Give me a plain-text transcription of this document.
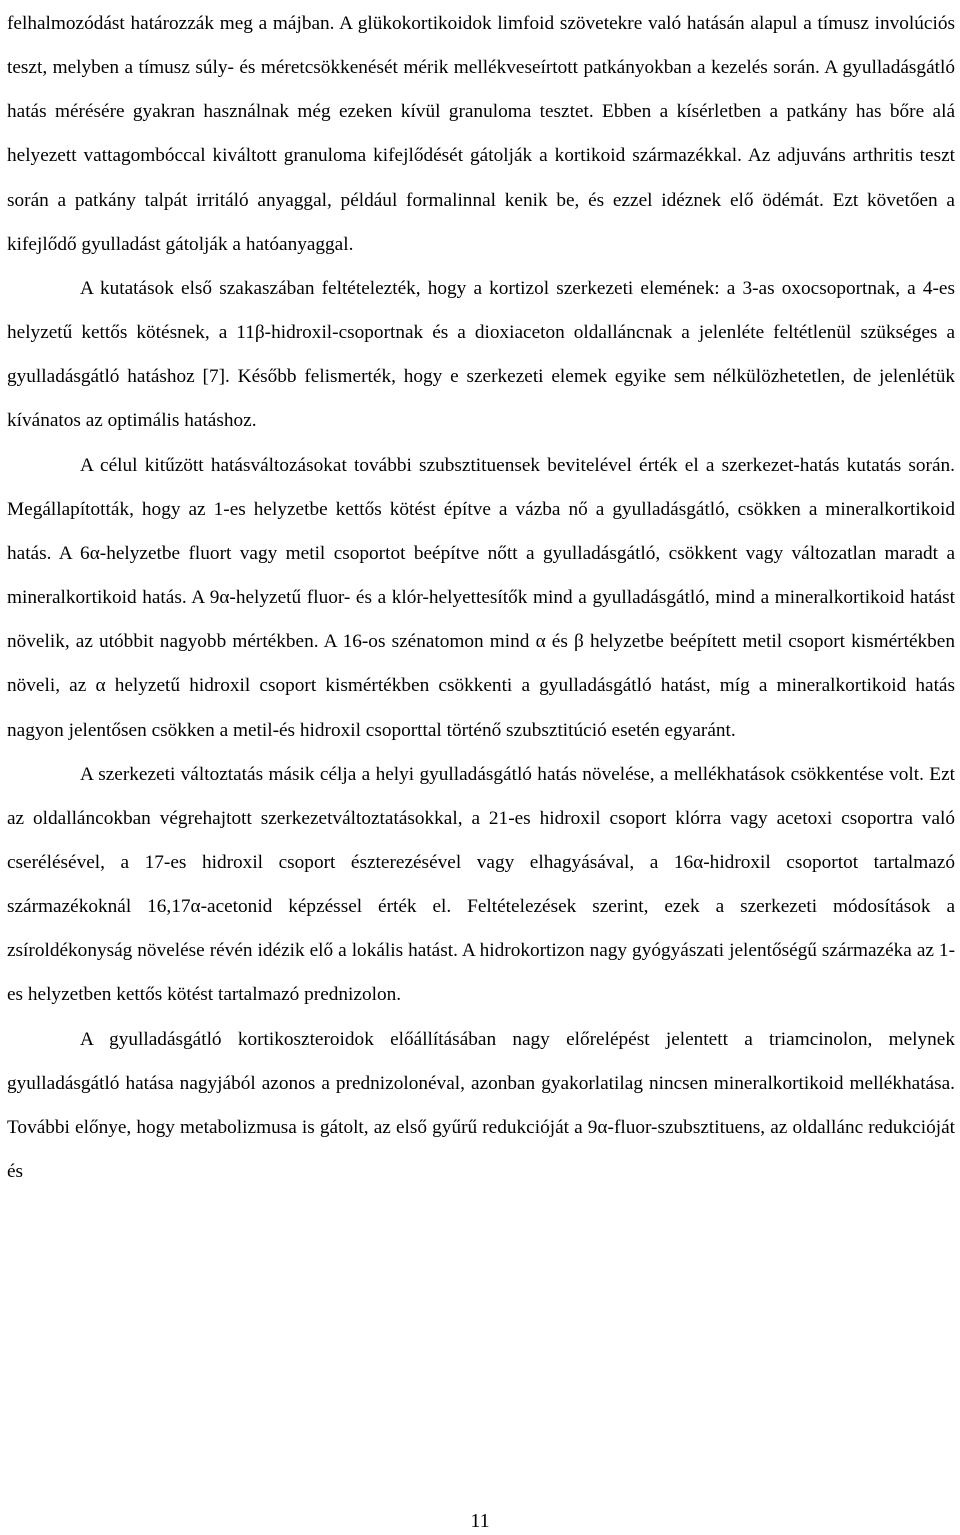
felhalmozódást határozzák meg a májban. A glükokortikoidok limfoid szövetekre való hatásán alapul a tímusz involúciós teszt, melyben a tímusz súly- és méretcsökkenését mérik mellékveseírtott patkányokban a kezelés során. A gyulladásgátló hatás mérésére gyakran használnak még ezeken kívül granuloma tesztet. Ebben a kísérletben a patkány has bőre alá helyezett vattagombóccal kiváltott granuloma kifejlődését gátolják a kortikoid származékkal. Az adjuváns arthritis teszt során a patkány talpát irritáló anyaggal, például formalinnal kenik be, és ezzel idéznek elő ödémát. Ezt követően a kifejlődő gyulladást gátolják a hatóanyaggal.
A kutatások első szakaszában feltételezték, hogy a kortizol szerkezeti elemének: a 3-as oxocsoportnak, a 4-es helyzetű kettős kötésnek, a 11β-hidroxil-csoportnak és a dioxiaceton oldalláncnak a jelenléte feltétlenül szükséges a gyulladásgátló hatáshoz [7]. Később felismerték, hogy e szerkezeti elemek egyike sem nélkülözhetetlen, de jelenlétük kívánatos az optimális hatáshoz.
A célul kitűzött hatásváltozásokat további szubsztituensek bevitelével érték el a szerkezet-hatás kutatás során. Megállapították, hogy az 1-es helyzetbe kettős kötést építve a vázba nő a gyulladásgátló, csökken a mineralkortikoid hatás. A 6α-helyzetbe fluort vagy metil csoportot beépítve nőtt a gyulladásgátló, csökkent vagy változatlan maradt a mineralkortikoid hatás. A 9α-helyzetű fluor- és a klór-helyettesítők mind a gyulladásgátló, mind a mineralkortikoid hatást növelik, az utóbbit nagyobb mértékben. A 16-os szénatomon mind α és β helyzetbe beépített metil csoport kismértékben növeli, az α helyzetű hidroxil csoport kismértékben csökkenti a gyulladásgátló hatást, míg a mineralkortikoid hatás nagyon jelentősen csökken a metil-és hidroxil csoporttal történő szubsztitúció esetén egyaránt.
A szerkezeti változtatás másik célja a helyi gyulladásgátló hatás növelése, a mellékhatások csökkentése volt. Ezt az oldalláncokban végrehajtott szerkezetváltoztatásokkal, a 21-es hidroxil csoport klórra vagy acetoxi csoportra való cserélésével, a 17-es hidroxil csoport észterezésével vagy elhagyásával, a 16α-hidroxil csoportot tartalmazó származékoknál 16,17α-acetonid képzéssel érték el. Feltételezések szerint, ezek a szerkezeti módosítások a zsíroldékonyság növelése révén idézik elő a lokális hatást. A hidrokortizon nagy gyógyászati jelentőségű származéka az 1-es helyzetben kettős kötést tartalmazó prednizolon.
A gyulladásgátló kortikoszteroidok előállításában nagy előrelépést jelentett a triamcinolon, melynek gyulladásgátló hatása nagyjából azonos a prednizolonéval, azonban gyakorlatilag nincsen mineralkortikoid mellékhatása. További előnye, hogy metabolizmusa is gátolt, az első gyűrű redukcióját a 9α-fluor-szubsztituens, az oldallánc redukcióját és
11
